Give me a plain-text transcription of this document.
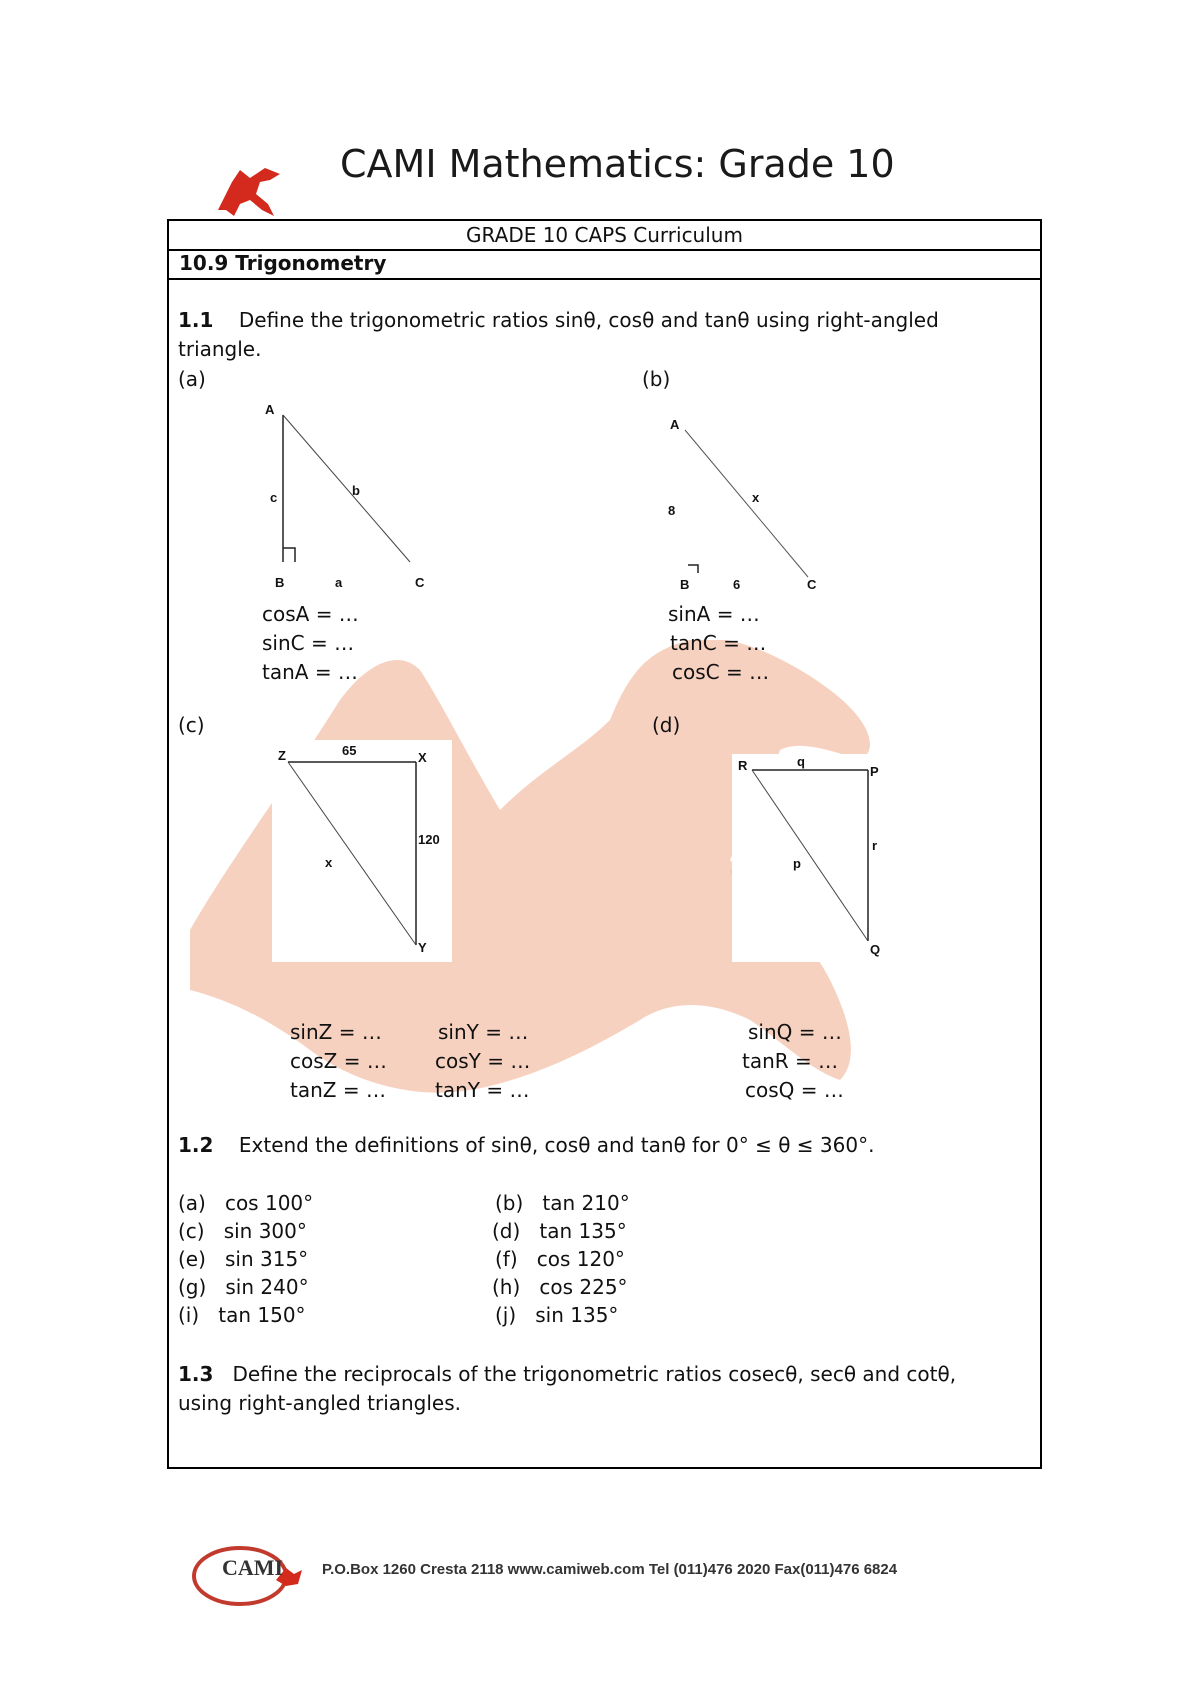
CAMI Mathematics: Grade 10
GRADE 10 CAPS Curriculum
10.9 Trigonometry
1.1 Define the trigonometric ratios sinθ, cosθ and tanθ using right-angled
triangle.
(a)
A
c	b
B	a	C
cosA = …
sinC = …
tanA = …
(b)
A
8
x
B	6	C
sinA = …
tanC = …
cosC = …
(c)
Z	65	X
120
x
Y
(d)
R	q
P
r
p
Q
sinZ = …
cosZ = …
tanZ = …
sinY = …
cosY = …
tanY = …
sinQ = …
tanR = …
cosQ = …
1.2 Extend the definitions of sinθ, cosθ and tanθ for 0° ≤ θ ≤ 360°.
(a) cos 100°	(b) tan 210°
(c) sin 300°	(d) tan 135°
(e) sin 315°	(f) cos 120°
(g) sin 240°	(h) cos 225°
(i) tan 150°	(j) sin 135°
1.3 Define the reciprocals of the trigonometric ratios cosecθ, secθ and cotθ,
using right-angled triangles.
CAMI	P.O.Box 1260 Cresta 2118 www.camiweb.com Tel (011)476 2020 Fax(011)476 6824
